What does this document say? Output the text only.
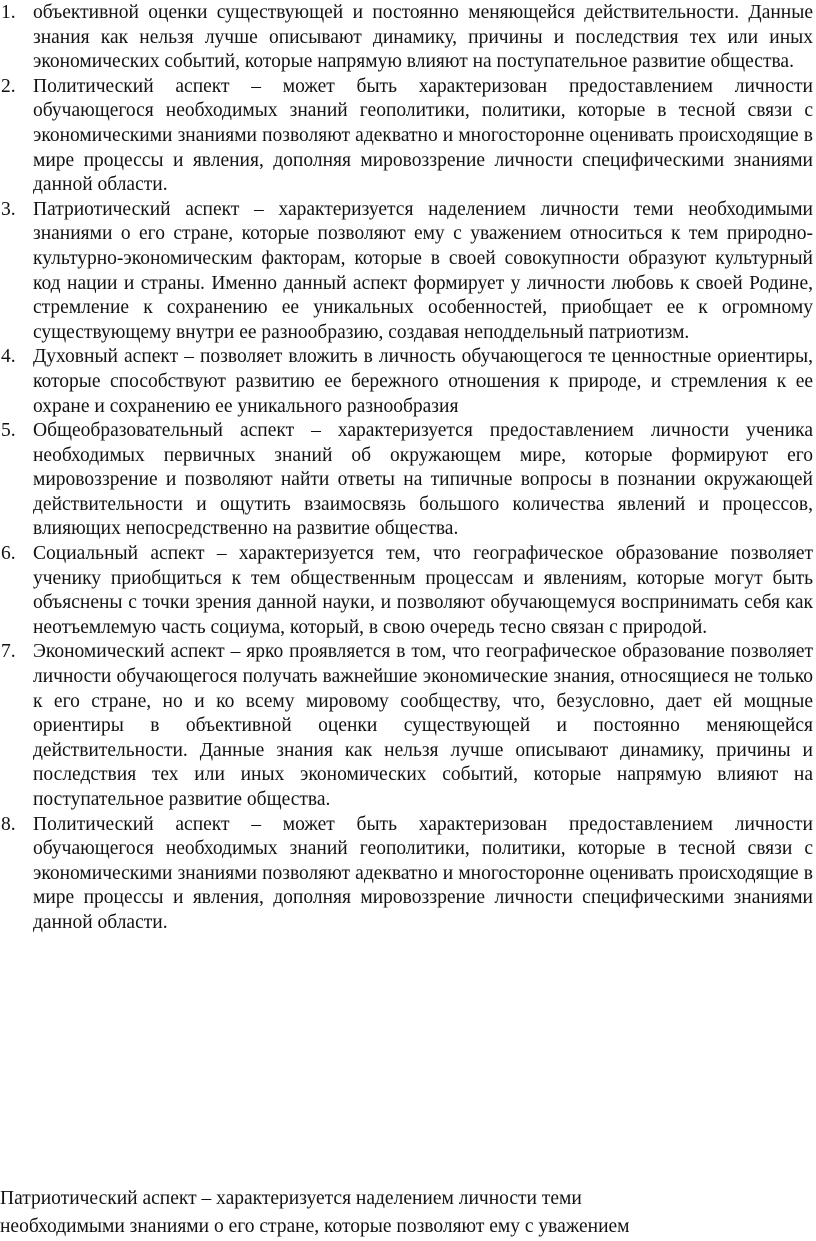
1. объективной оценки существующей и постоянно меняющейся действительности. Данные знания как нельзя лучше описывают динамику, причины и последствия тех или иных экономических событий, которые напрямую влияют на поступательное развитие общества.
2. Политический аспект – может быть характеризован предоставлением личности обучающегося необходимых знаний геополитики, политики, которые в тесной связи с экономическими знаниями позволяют адекватно и многосторонне оценивать происходящие в мире процессы и явления, дополняя мировоззрение личности специфическими знаниями данной области.
3. Патриотический аспект – характеризуется наделением личности теми необходимыми знаниями о его стране, которые позволяют ему с уважением относиться к тем природно-культурно-экономическим факторам, которые в своей совокупности образуют культурный код нации и страны. Именно данный аспект формирует у личности любовь к своей Родине, стремление к сохранению ее уникальных особенностей, приобщает ее к огромному существующему внутри ее разнообразию, создавая неподдельный патриотизм.
4. Духовный аспект – позволяет вложить в личность обучающегося те ценностные ориентиры, которые способствуют развитию ее бережного отношения к природе, и стремления к ее охране и сохранению ее уникального разнообразия
5. Общеобразовательный аспект – характеризуется предоставлением личности ученика необходимых первичных знаний об окружающем мире, которые формируют его мировоззрение и позволяют найти ответы на типичные вопросы в познании окружающей действительности и ощутить взаимосвязь большого количества явлений и процессов, влияющих непосредственно на развитие общества.
6. Социальный аспект – характеризуется тем, что географическое образование позволяет ученику приобщиться к тем общественным процессам и явлениям, которые могут быть объяснены с точки зрения данной науки, и позволяют обучающемуся воспринимать себя как неотъемлемую часть социума, который, в свою очередь тесно связан с природой.
7. Экономический аспект – ярко проявляется в том, что географическое образование позволяет личности обучающегося получать важнейшие экономические знания, относящиеся не только к его стране, но и ко всему мировому сообществу, что, безусловно, дает ей мощные ориентиры в объективной оценки существующей и постоянно меняющейся действительности. Данные знания как нельзя лучше описывают динамику, причины и последствия тех или иных экономических событий, которые напрямую влияют на поступательное развитие общества.
8. Политический аспект – может быть характеризован предоставлением личности обучающегося необходимых знаний геополитики, политики, которые в тесной связи с экономическими знаниями позволяют адекватно и многосторонне оценивать происходящие в мире процессы и явления, дополняя мировоззрение личности специфическими знаниями данной области.

Патриотический аспект – характеризуется наделением личности теми

необходимыми знаниями о его стране, которые позволяют ему с уважением
